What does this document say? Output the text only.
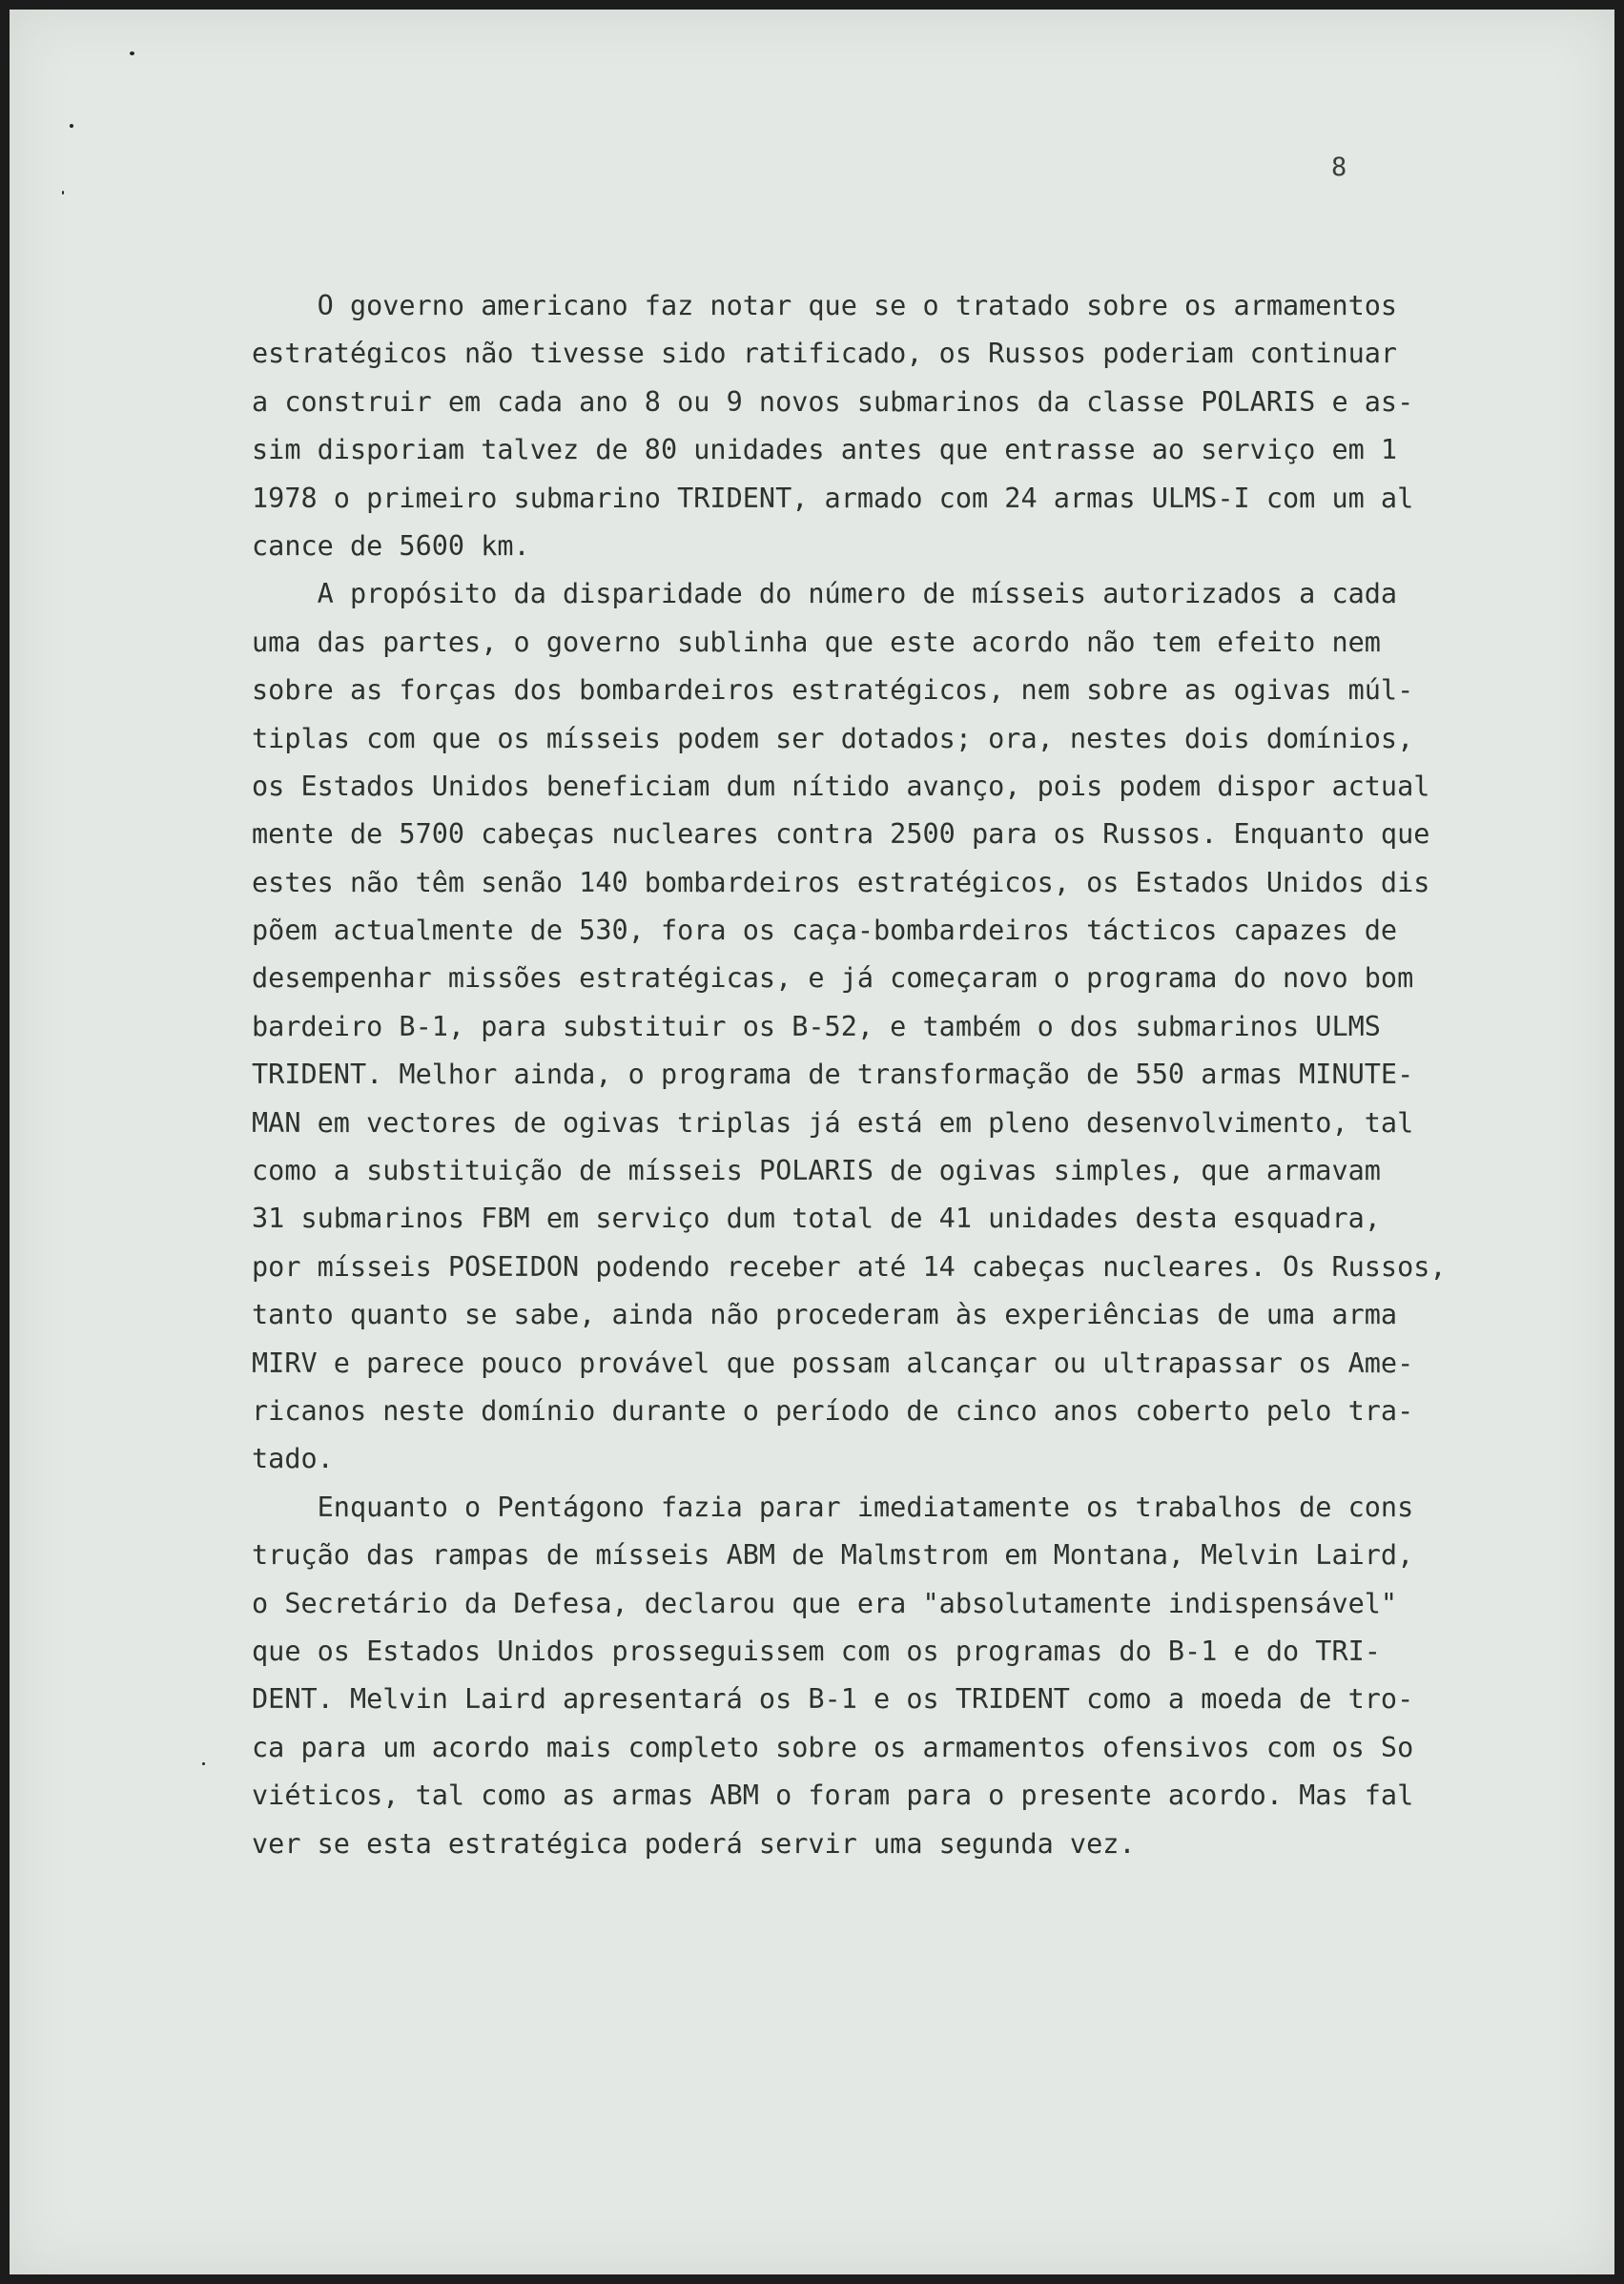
8
O governo americano faz notar que se o tratado sobre os armamentos
estratégicos não tivesse sido ratificado, os Russos poderiam continuar
a construir em cada ano 8 ou 9 novos submarinos da classe POLARIS e as-
sim disporiam talvez de 80 unidades antes que entrasse ao serviço em 1
1978 o primeiro submarino TRIDENT, armado com 24 armas ULMS-I com um al
cance de 5600 km.
A propósito da disparidade do número de mísseis autorizados a cada
uma das partes, o governo sublinha que este acordo não tem efeito nem
sobre as forças dos bombardeiros estratégicos, nem sobre as ogivas múl-
tiplas com que os mísseis podem ser dotados; ora, nestes dois domínios,
os Estados Unidos beneficiam dum nítido avanço, pois podem dispor actual
mente de 5700 cabeças nucleares contra 2500 para os Russos. Enquanto que
estes não têm senão 140 bombardeiros estratégicos, os Estados Unidos dis
põem actualmente de 530, fora os caça-bombardeiros tácticos capazes de
desempenhar missões estratégicas, e já começaram o programa do novo bom
bardeiro B-1, para substituir os B-52, e também o dos submarinos ULMS
TRIDENT. Melhor ainda, o programa de transformação de 550 armas MINUTE-
MAN em vectores de ogivas triplas já está em pleno desenvolvimento, tal
como a substituição de mísseis POLARIS de ogivas simples, que armavam
31 submarinos FBM em serviço dum total de 41 unidades desta esquadra,
por mísseis POSEIDON podendo receber até 14 cabeças nucleares. Os Russos,
tanto quanto se sabe, ainda não procederam às experiências de uma arma
MIRV e parece pouco provável que possam alcançar ou ultrapassar os Ame-
ricanos neste domínio durante o período de cinco anos coberto pelo tra-
tado.
Enquanto o Pentágono fazia parar imediatamente os trabalhos de cons
trução das rampas de mísseis ABM de Malmstrom em Montana, Melvin Laird,
o Secretário da Defesa, declarou que era "absolutamente indispensável"
que os Estados Unidos prosseguissem com os programas do B-1 e do TRI-
DENT. Melvin Laird apresentará os B-1 e os TRIDENT como a moeda de tro-
ca para um acordo mais completo sobre os armamentos ofensivos com os So
viéticos, tal como as armas ABM o foram para o presente acordo. Mas fal
ver se esta estratégica poderá servir uma segunda vez.
